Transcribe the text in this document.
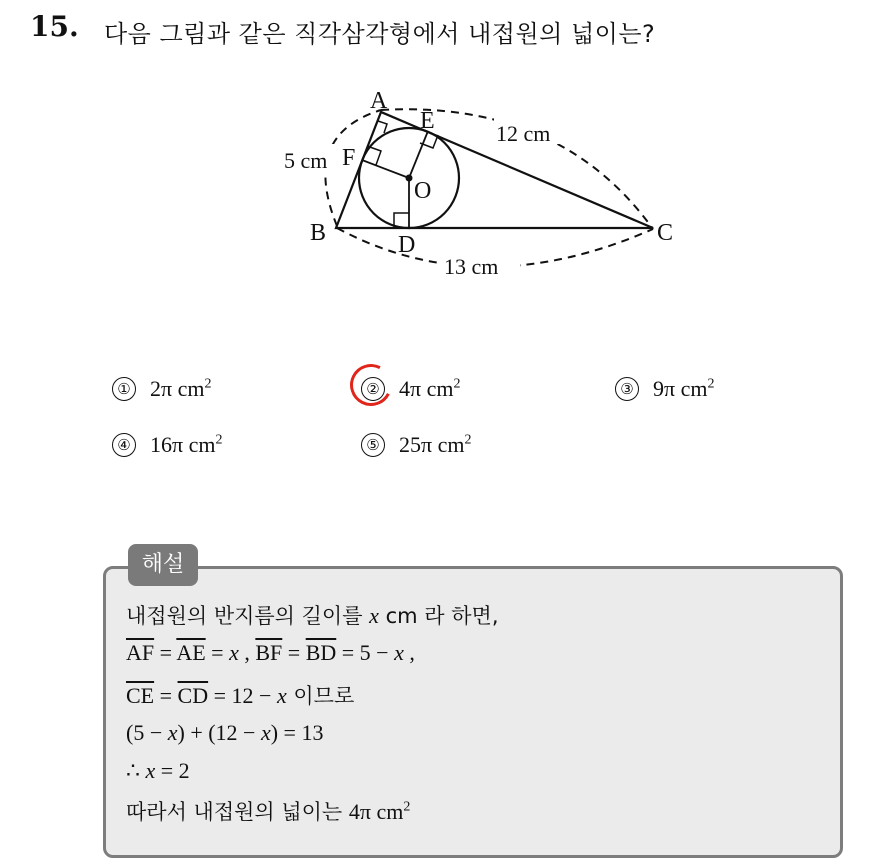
15. 다음 그림과 같은 직각삼각형에서 내접원의 넓이는?
A
E
F
O
B	D	C
5 cm
12 cm
13 cm
① 2π $cm^2$	② 4π $cm^2$	③ 9π $cm^2$
④ 16π $cm^2$	⑤ 25π $cm^2$
해설
내접원의 반지름의 길이를 x cm 라 하면,
$\overline{AF} = \overline{AE} = x$ , $\overline{BF} = \overline{BD} = 5 - x$ ,
$\overline{CE} = \overline{CD} = 12 - x$ 이므로
(5 − x) + (12 − x) = 13
∴ x = 2
따라서 내접원의 넓이는 4π $cm^2$
